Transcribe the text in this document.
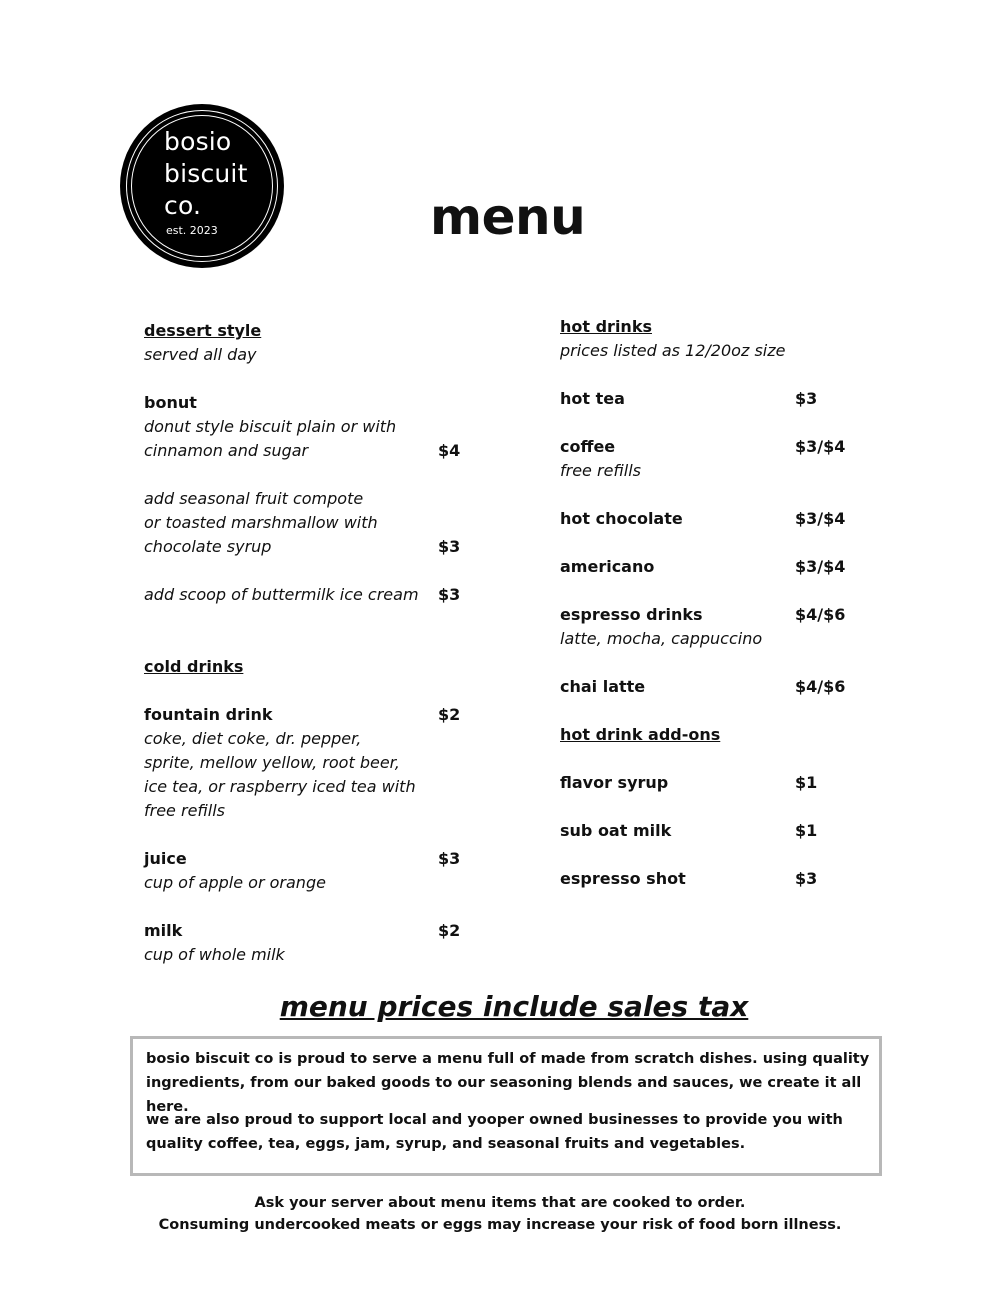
bosio
biscuit
co.
est. 2023	menu
dessert style
served all day
bonut
donut style biscuit plain or with
cinnamon and sugar	$4
add seasonal fruit compote
or toasted marshmallow with
chocolate syrup	$3
add scoop of buttermilk ice cream $3
cold drinks
fountain drink	$2
coke, diet coke, dr. pepper,
sprite, mellow yellow, root beer,
ice tea, or raspberry iced tea with
free refills
juice	$3
cup of apple or orange
milk	$2
cup of whole milk
hot drinks
prices listed as 12/20oz size
hot tea	$3
coffee	$3/$4
free refills
hot chocolate	$3/$4
americano	$3/$4
espresso drinks	$4/$6
latte, mocha, cappuccino
chai latte	$4/$6
hot drink add-ons
flavor syrup	$1
sub oat milk	$1
espresso shot	$3
menu prices include sales tax
bosio biscuit co is proud to serve a menu full of made from scratch dishes. using quality ingredients, from our baked goods to our seasoning blends and sauces, we create it all here.
we are also proud to support local and yooper owned businesses to provide you with quality coffee, tea, eggs, jam, syrup, and seasonal fruits and vegetables.
Ask your server about menu items that are cooked to order.
Consuming undercooked meats or eggs may increase your risk of food born illness.
